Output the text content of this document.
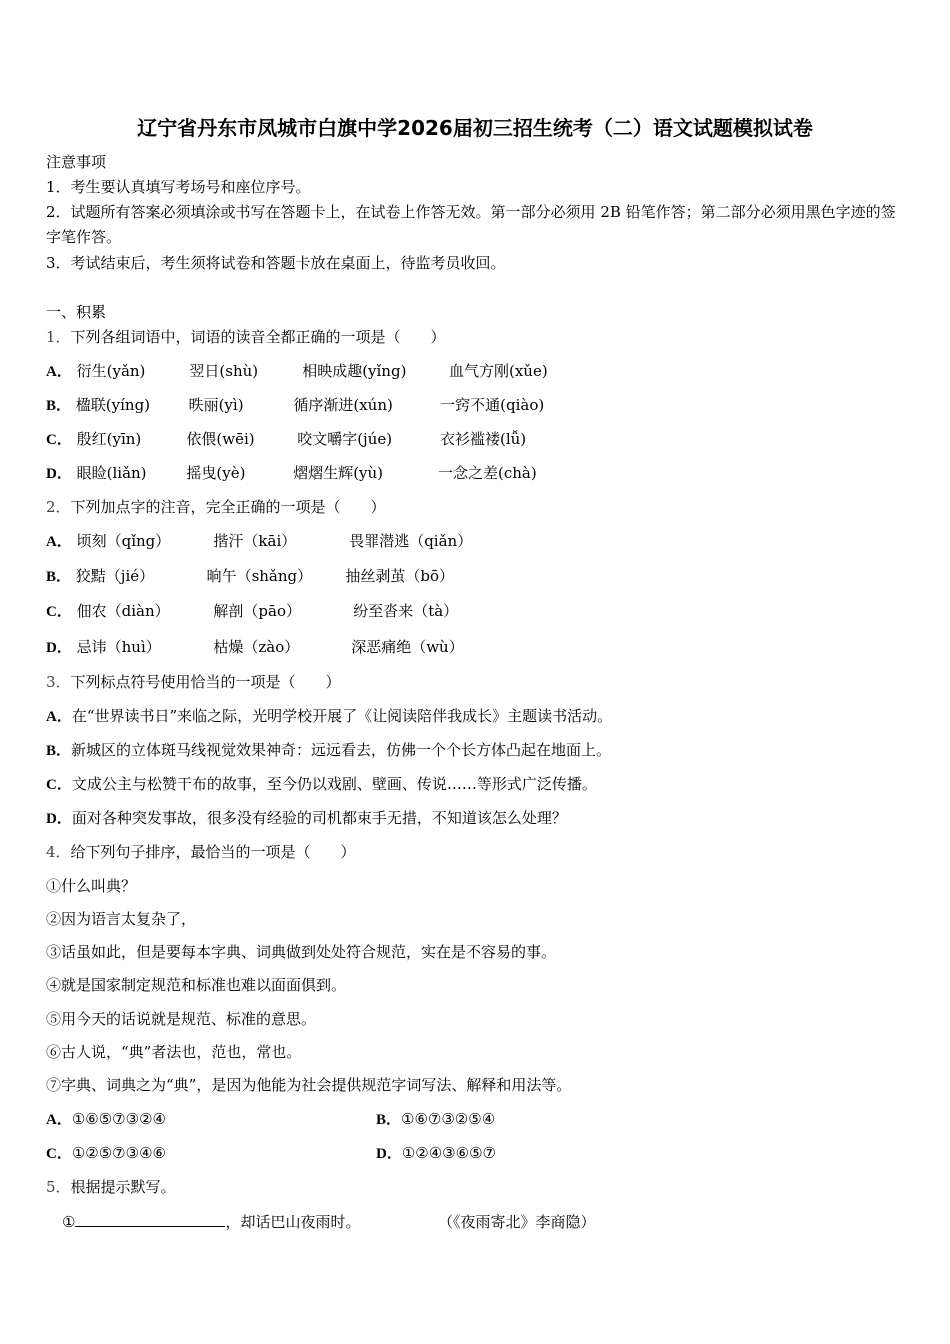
辽宁省丹东市凤城市白旗中学2026届初三招生统考（二）语文试题模拟试卷
注意事项
1．考生要认真填写考场号和座位序号。
2．试题所有答案必须填涂或书写在答题卡上，在试卷上作答无效。第一部分必须用 2B 铅笔作答；第二部分必须用黑色字迹的签字笔作答。
3．考试结束后，考生须将试卷和答题卡放在桌面上，待监考员收回。
一、积累
1．下列各组词语中，词语的读音全都正确的一项是（　　）
A． 衍生(yǎn)	翌日(shù)	相映成趣(yǐng)	血气方刚(xǔe)
B． 楹联(yíng)	昳丽(yì)	循序渐进(xún)	一窍不通(qiào)
C． 殷红(yīn)	依偎(wēi)	咬文嚼字(júe)	衣衫褴褛(lǚ)
D． 眼睑(liǎn)	摇曳(yè)	熠熠生辉(yù)	一念之差(chà)
2．下列加点字的注音，完全正确的一项是（　　）
A． 顷刻（qǐng）	揩汗（kāi）	畏罪潜逃（qiǎn）
B． 狡黠（jié）	晌午（shǎng） 抽丝剥茧（bō）
C． 佃农（diàn）	解剖（pāo）	纷至沓来（tà）
D． 忌讳（huì）	枯燥（zào）	深恶痛绝（wù）
3．下列标点符号使用恰当的一项是（　　）
A．在“世界读书日”来临之际，光明学校开展了《让阅读陪伴我成长》主题读书活动。
B．新城区的立体斑马线视觉效果神奇：远远看去，仿佛一个个长方体凸起在地面上。
C．文成公主与松赞干布的故事，至今仍以戏剧、壁画、传说……等形式广泛传播。
D．面对各种突发事故，很多没有经验的司机都束手无措，不知道该怎么处理？
4．给下列句子排序，最恰当的一项是（　　）
①什么叫典？
②因为语言太复杂了，
③话虽如此，但是要每本字典、词典做到处处符合规范，实在是不容易的事。
④就是国家制定规范和标准也难以面面俱到。
⑤用今天的话说就是规范、标准的意思。
⑥古人说，“典”者法也，范也，常也。
⑦字典、词典之为“典”，是因为他能为社会提供规范字词写法、解释和用法等。
A．①⑥⑤⑦③②④	B．①⑥⑦③②⑤④
C．①②⑤⑦③④⑥	D．①②④③⑥⑤⑦
5．根据提示默写。
①	，却话巴山夜雨时。	（《夜雨寄北》李商隐）
